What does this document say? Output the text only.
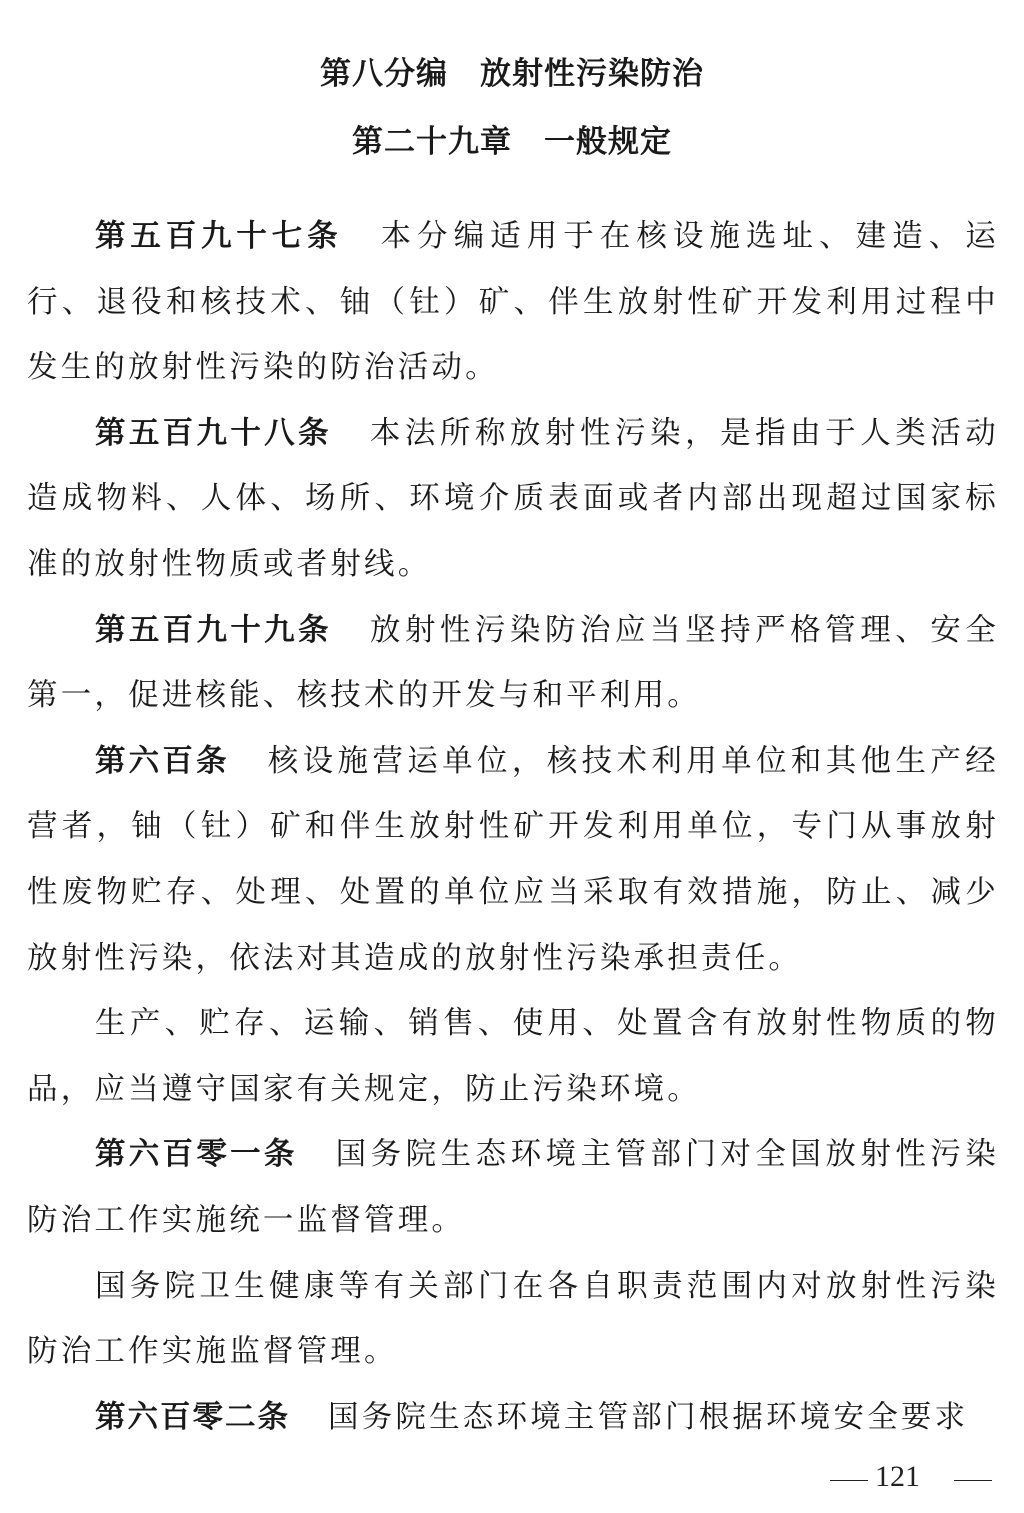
第八分编　放射性污染防治
第二十九章　一般规定

第五百九十七条 本分编适用于在核设施选址、建造、运行、退役和核技术、铀（钍）矿、伴生放射性矿开发利用过程中发生的放射性污染的防治活动。

第五百九十八条 本法所称放射性污染，是指由于人类活动造成物料、人体、场所、环境介质表面或者内部出现超过国家标准的放射性物质或者射线。

第五百九十九条 放射性污染防治应当坚持严格管理、安全第一，促进核能、核技术的开发与和平利用。

第六百条 核设施营运单位，核技术利用单位和其他生产经营者，铀（钍）矿和伴生放射性矿开发利用单位，专门从事放射性废物贮存、处理、处置的单位应当采取有效措施，防止、减少放射性污染，依法对其造成的放射性污染承担责任。

生产、贮存、运输、销售、使用、处置含有放射性物质的物品，应当遵守国家有关规定，防止污染环境。

第六百零一条 国务院生态环境主管部门对全国放射性污染防治工作实施统一监督管理。

国务院卫生健康等有关部门在各自职责范围内对放射性污染防治工作实施监督管理。

第六百零二条 国务院生态环境主管部门根据环境安全要求

121
